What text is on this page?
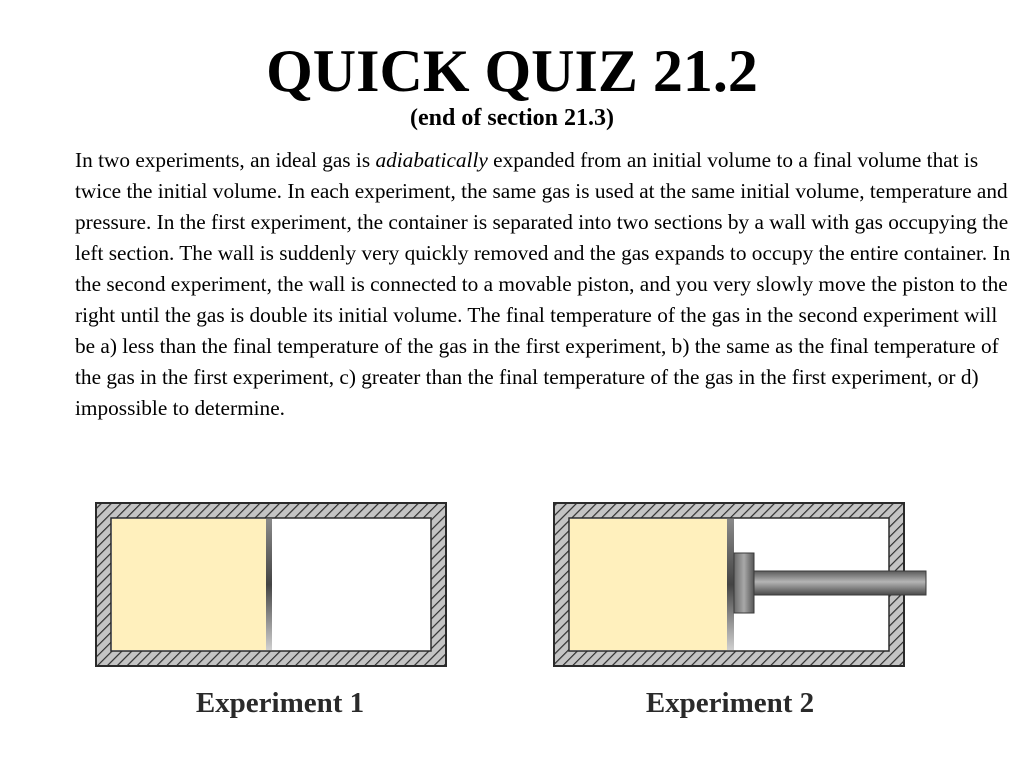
QUICK QUIZ 21.2
(end of section 21.3)
In two experiments, an ideal gas is adiabatically expanded from an initial volume to a final volume that is twice the initial volume. In each experiment, the same gas is used at the same initial volume, temperature and pressure. In the first experiment, the container is separated into two sections by a wall with gas occupying the left section. The wall is suddenly very quickly removed and the gas expands to occupy the entire container. In the second experiment, the wall is connected to a movable piston, and you very slowly move the piston to the right until the gas is double its initial volume. The final temperature of the gas in the second experiment will be a) less than the final temperature of the gas in the first experiment, b) the same as the final temperature of the gas in the first experiment, c) greater than the final temperature of the gas in the first experiment, or d) impossible to determine.
Experiment 1	Experiment 2
